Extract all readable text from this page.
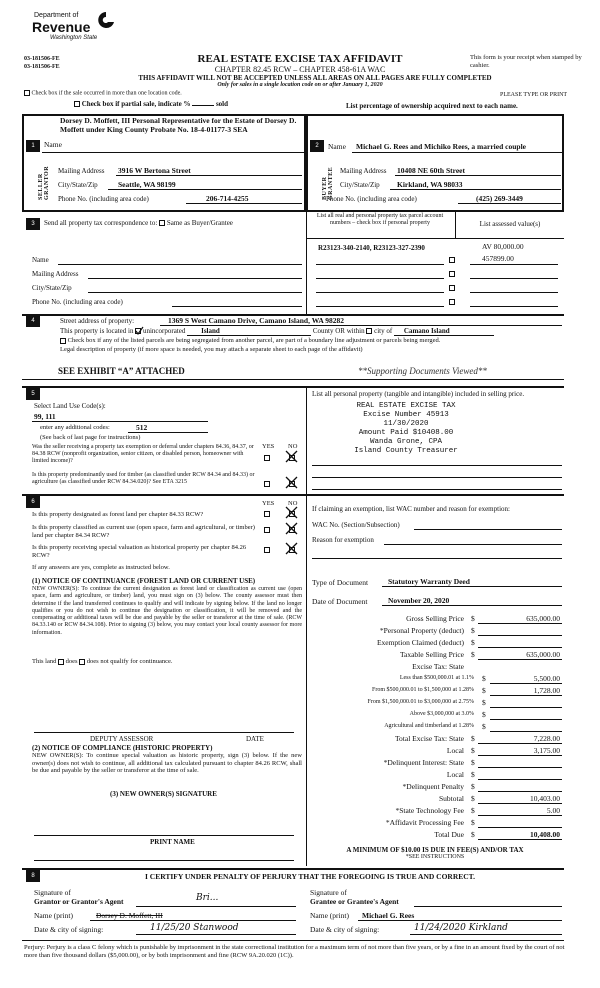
Department of
Revenue
Washington State
03-181506-FE
03-181506-FE
REAL ESTATE EXCISE TAX AFFIDAVIT
CHAPTER 82.45 RCW – CHAPTER 458-61A WAC
THIS AFFIDAVIT WILL NOT BE ACCEPTED UNLESS ALL AREAS ON ALL PAGES ARE FULLY COMPLETED
Only for sales in a single location code on or after January 1, 2020
This form is your receipt when stamped by cashier.
Check box if the sale occurred in more than one location code.	PLEASE TYPE OR PRINT
Check box if partial sale, indicate %	sold	List percentage of ownership acquired next to each name.
1
SELLER GRANTOR
Name
Dorsey D. Moffett, III Personal Representative for the Estate of Dorsey D. Moffett under King County Probate No. 18-4-01177-3 SEA
Mailing Address 3916 W Bertona Street
City/State/Zip	Seattle, WA 98199
Phone No. (including area code)	206-714-4255
2
BUYER GRANTEE
Name Michael G. Rees and Michiko Rees, a married couple
Mailing Address 10408 NE 60th Street
City/State/Zip Kirkland, WA 98033
Phone No. (including area code)	(425) 269-3449
3	Send all property tax correspondence to: Same as Buyer/Grantee
List all real and personal property tax parcel account numbers – check box if personal property	List assessed value(s)
R23123-340-2140, R23123-327-2390	AV 80,000.00
457899.00
Name
Mailing Address
City/State/Zip
Phone No. (including area code)
4	Street address of property:	1369 S West Camano Drive, Camano Island, WA 98282
This property is located in unincorporated Island	County OR within city of Camano Island
Check box if any of the listed parcels are being segregated from another parcel, are part of a boundary line adjustment or parcels being merged.
Legal description of property (if more space is needed, you may attach a separate sheet to each page of the affidavit)
SEE EXHIBIT “A” ATTACHED	**Supporting Documents Viewed**
5
Select Land Use Code(s):
99, 111
enter any additional codes:	512
(See back of last page for instructions)
YES NO
Was the seller receiving a property tax exemption or deferral under chapters 84.36, 84.37, or 84.38 RCW (nonprofit organization, senior citizen, or disabled person, homeowner with limited income)?
Is this property predominantly used for timber (as classified under RCW 84.34 and 84.33) or agriculture (as classified under RCW 84.34.020)? See ETA 3215
List all personal property (tangible and intangible) included in selling price.
REAL ESTATE EXCISE TAX
Excise Number 45913
11/30/2020
Amount Paid $10408.00
Wanda Grone, CPA
Island County Treasurer
6	YES NO
Is this property designated as forest land per chapter 84.33 RCW?
Is this property classified as current use (open space, farm and agricultural, or timber) land per chapter 84.34 RCW?
Is this property receiving special valuation as historical property per chapter 84.26 RCW?
If any answers are yes, complete as instructed below.
(1) NOTICE OF CONTINUANCE (FOREST LAND OR CURRENT USE)
NEW OWNER(S): To continue the current designation as forest land or classification as current use (open space, farm and agriculture, or timber) land, you must sign on (3) below. The county assessor must then determine if the land transferred continues to qualify and will indicate by signing below. If the land no longer qualifies or you do not wish to continue the designation or classification, it will be removed and the compensating or additional taxes will be due and payable by the seller or transferor at the time of sale. (RCW 84.33.140 or RCW 84.34.108). Prior to signing (3) below, you may contact your local county assessor for more information.
This land does does not qualify for continuance.
DEPUTY ASSESSOR	DATE
(2) NOTICE OF COMPLIANCE (HISTORIC PROPERTY)
NEW OWNER(S): To continue special valuation as historic property, sign (3) below. If the new owner(s) does not wish to continue, all additional tax calculated pursuant to chapter 84.26 RCW, shall be due and payable by the seller or transferor at the time of sale.
(3) NEW OWNER(S) SIGNATURE
PRINT NAME
If claiming an exemption, list WAC number and reason for exemption:
WAC No. (Section/Subsection)
Reason for exemption
Type of Document	Statutory Warranty Deed
Date of Document	November 20, 2020
Gross Selling Price $	635,000.00
*Personal Property (deduct) $
Exemption Claimed (deduct) $
Taxable Selling Price $	635,000.00
Excise Tax: State
Less than $500,000.01 at 1.1% $	5,500.00
From $500,000.01 to $1,500,000 at 1.28% $	1,728.00
From $1,500,000.01 to $3,000,000 at 2.75% $
Above $3,000,000 at 3.0% $
Agricultural and timberland at 1.28% $
Total Excise Tax: State $	7,228.00
Local $	3,175.00
*Delinquent Interest: State $
Local $
*Delinquent Penalty $
Subtotal $	10,403.00
*State Technology Fee $	5.00
*Affidavit Processing Fee $
Total Due $	10,408.00
A MINIMUM OF $10.00 IS DUE IN FEE(S) AND/OR TAX
*SEE INSTRUCTIONS
8	I CERTIFY UNDER PENALTY OF PERJURY THAT THE FOREGOING IS TRUE AND CORRECT.
Signature of
Grantor or Grantor's Agent	Bri...
Name (print)	Dorsey D. Moffett, III
Date & city of signing:	11/25/20 Stanwood
Signature of
Grantee or Grantee's Agent
Name (print) Michael G. Rees
Date & city of signing:	11/24/2020 Kirkland
Perjury: Perjury is a class C felony which is punishable by imprisonment in the state correctional institution for a maximum term of not more than five years, or by a fine in an amount fixed by the court of not more than five thousand dollars ($5,000.00), or by both imprisonment and fine (RCW 9A.20.020 (1C)).
